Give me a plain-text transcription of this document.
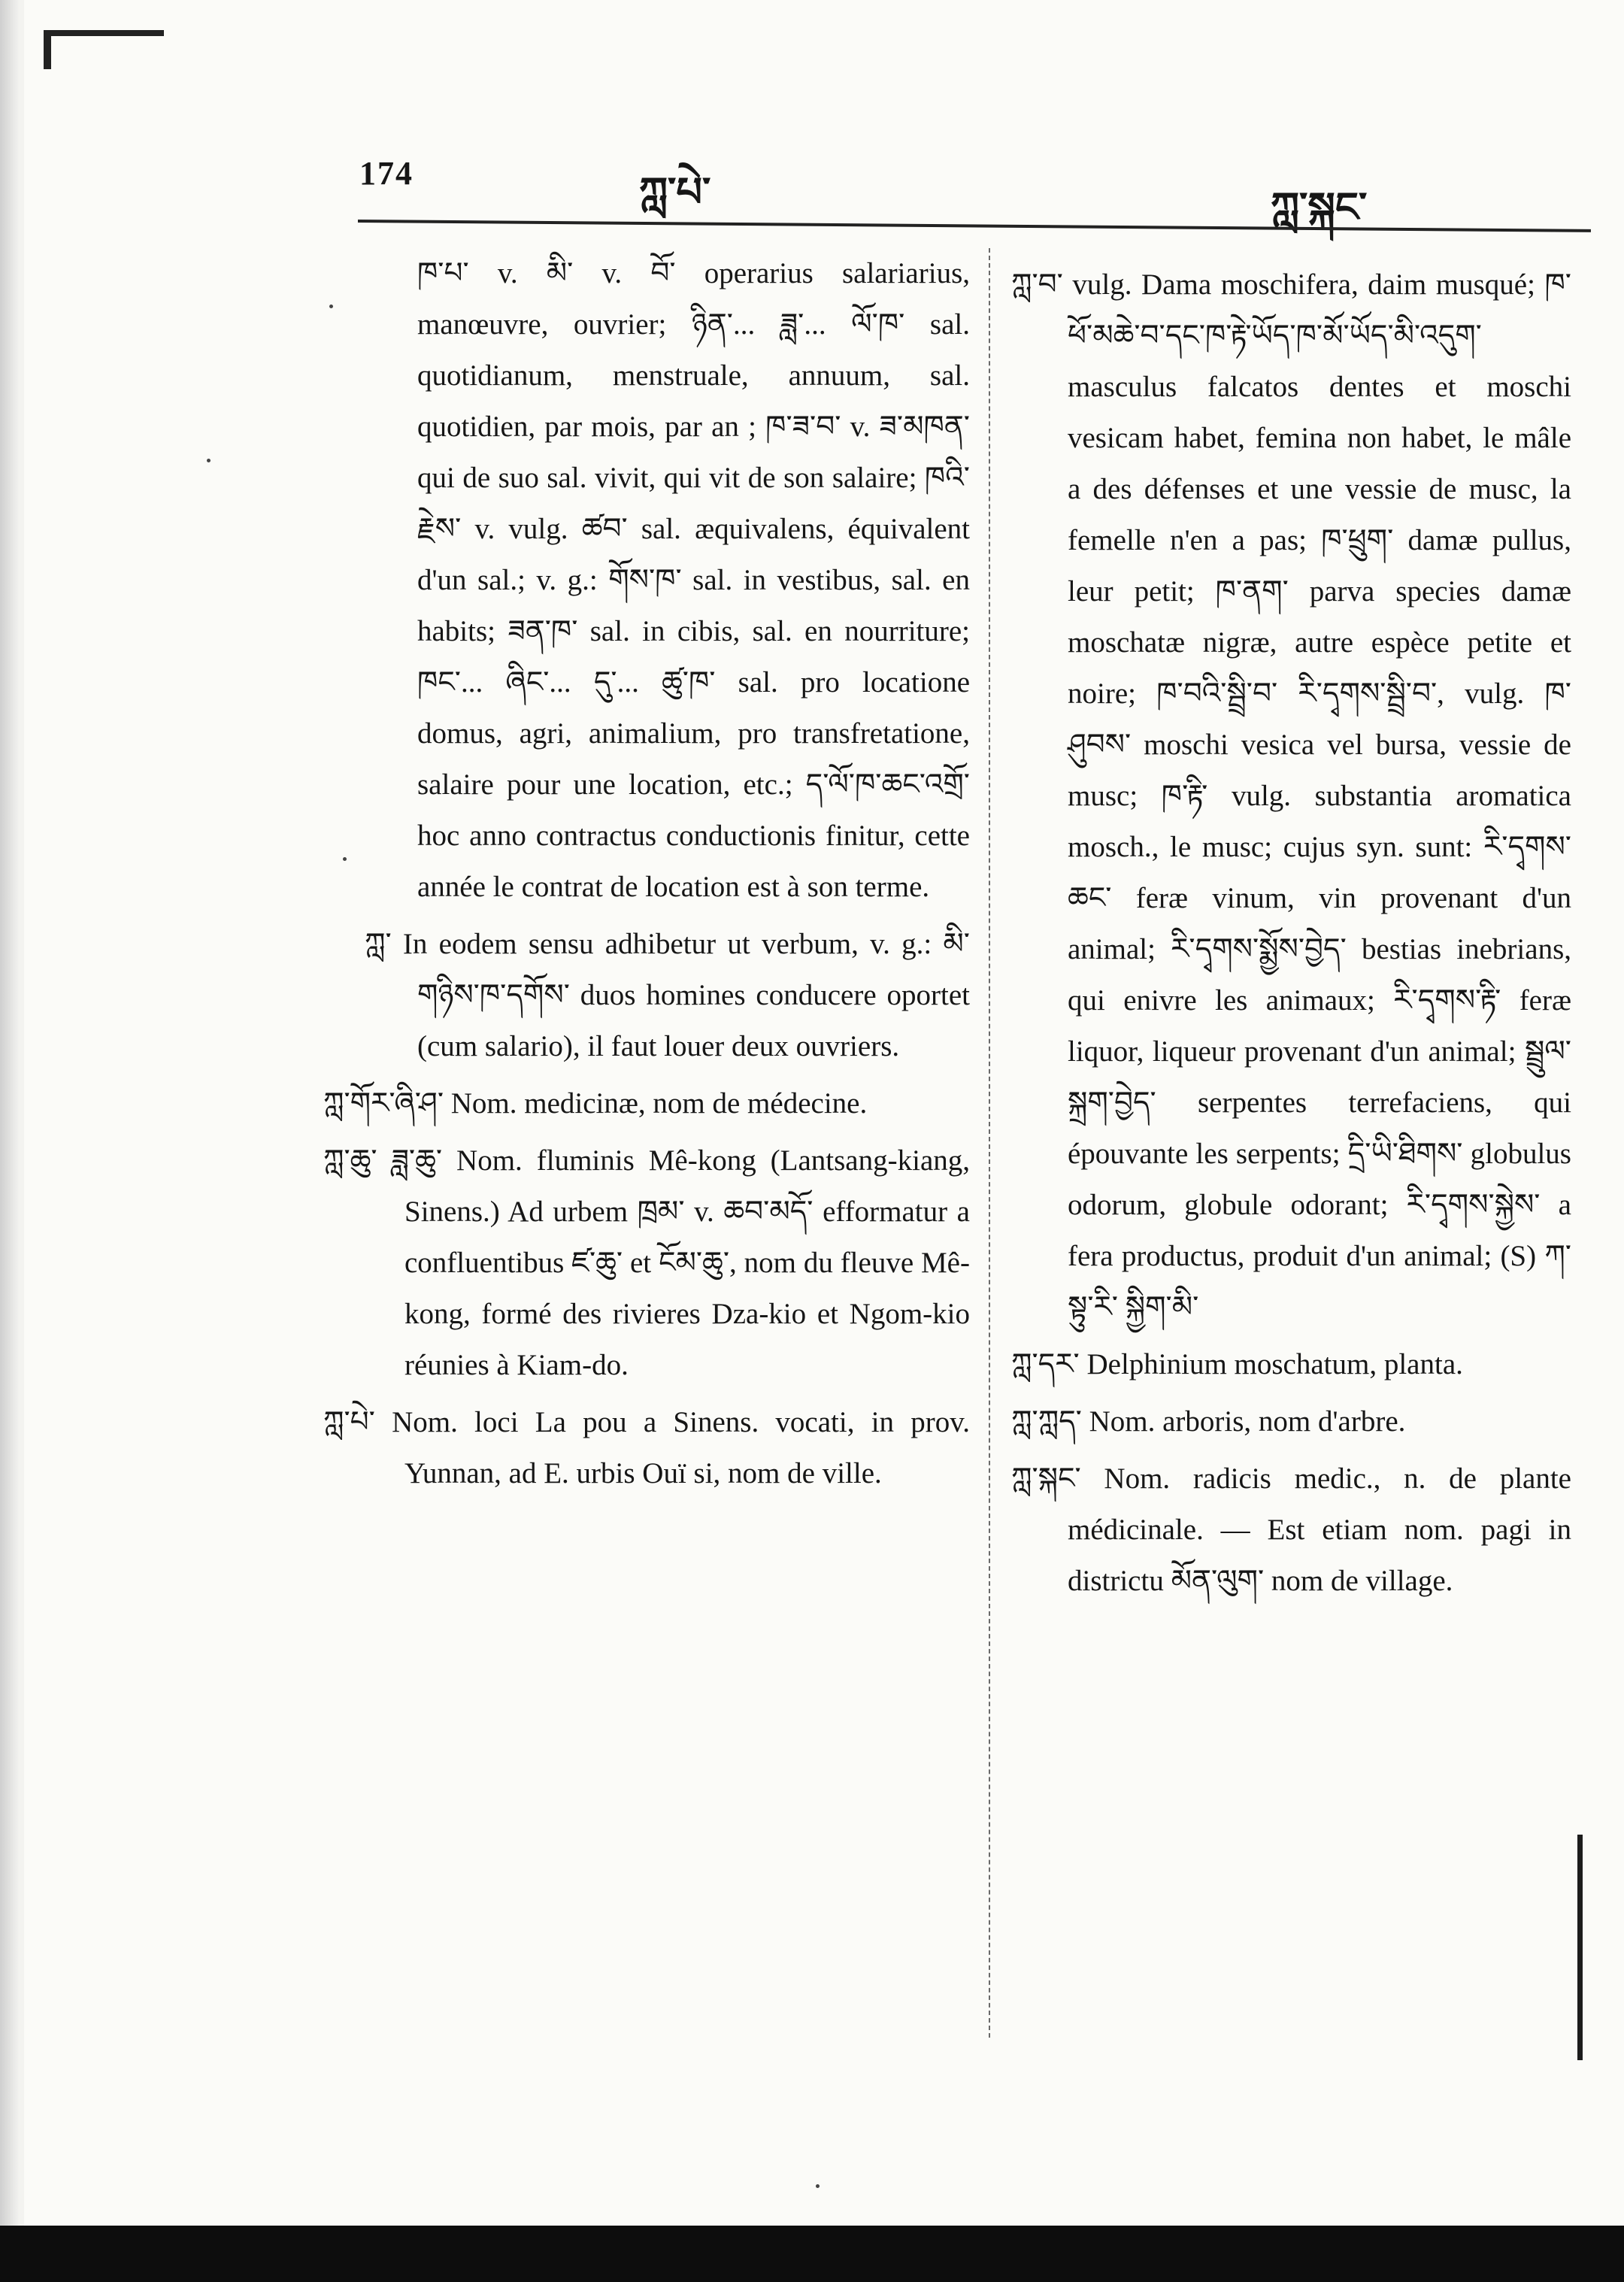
174	ཀླ་པེ་	ཀླ་སྐང་

ཁ་པ་ v. མི་ v. བོ་ operarius salariarius, manœuvre, ouvrier; ཉིན་... ཟླ་... ལོ་ཁ་ sal. quotidianum, menstruale, annuum, sal. quotidien, par mois, par an ; ཁ་ཟ་བ་ v. ཟ་མཁན་ qui de suo sal. vivit, qui vit de son salaire; ཁའི་རྗེས་ v. vulg. ཚབ་ sal. æquivalens, équivalent d'un sal.; v. g.: གོས་ཁ་ sal. in vestibus, sal. en habits; ཟན་ཁ་ sal. in cibis, sal. en nourriture; ཁང་... ཞིང་... དུ་... ཚུ་ཁ་ sal. pro locatione domus, agri, animalium, pro transfretatione, salaire pour une location, etc.; ད་ལོ་ཁ་ཆང་འགྲོ་ hoc anno contractus conductionis finitur, cette année le contrat de location est à son terme.

ཀླ་ In eodem sensu adhibetur ut verbum, v. g.: མི་གཉིས་ཁ་དགོས་ duos homines conducere oportet (cum salario), il faut louer deux ouvriers.

ཀླ་གོར་ཞི་ཤ་ Nom. medicinæ, nom de médecine.

ཀླ་ཆུ་ ཟླ་ཆུ་ Nom. fluminis Mê-kong (Lantsang-kiang, Sinens.) Ad urbem ཁྲམ་ v. ཆབ་མདོ་ efformatur a confluentibus ཛ་ཆུ་ et ངོམ་ཆུ་, nom du fleuve Mê-kong, formé des rivieres Dza-kio et Ngom-kio réunies à Kiam-do.

ཀླ་པེ་ Nom. loci La pou a Sinens. vocati, in prov. Yunnan, ad E. urbis Ouï si, nom de ville.

ཀླ་བ་ vulg. Dama moschifera, daim musqué; ཁ་ཕོ་མཆེ་བ་དང་ཁ་རྟེ་ཡོད་ཁ་མོ་ཡོད་མི་འདུག་ masculus falcatos dentes et moschi vesicam habet, femina non habet, le mâle a des défenses et une vessie de musc, la femelle n'en a pas; ཁ་ཕྲུག་ damæ pullus, leur petit; ཁ་ནག་ parva species damæ moschatæ nigræ, autre espèce petite et noire; ཁ་བའི་སྦྲི་བ་ རི་དྭགས་སྦྲི་བ་, vulg. ཁ་ཤུབས་ moschi vesica vel bursa, vessie de musc; ཁ་རྟི་ vulg. substantia aromatica mosch., le musc; cujus syn. sunt: རི་དྭགས་ཆང་ feræ vinum, vin provenant d'un animal; རི་དྭགས་སྨྱོས་བྱེད་ bestias inebrians, qui enivre les animaux; རི་དྭགས་རྟི་ feræ liquor, liqueur provenant d'un animal; སྦྲུལ་སྐྲག་བྱེད་ serpentes terrefaciens, qui épouvante les serpents; དྲི་ཡི་ཐིགས་ globulus odorum, globule odorant; རི་དྭགས་སྐྱེས་ a fera productus, produit d'un animal; (S) ཀ་སྟུ་རི་ སྐྱིག་མི་

ཀླ་དར་ Delphinium moschatum, planta.

ཀླ་ཀླད་ Nom. arboris, nom d'arbre.

ཀླ་སྐང་ Nom. radicis medic., n. de plante médicinale. — Est etiam nom. pagi in districtu མོན་ལུག་ nom de village.
